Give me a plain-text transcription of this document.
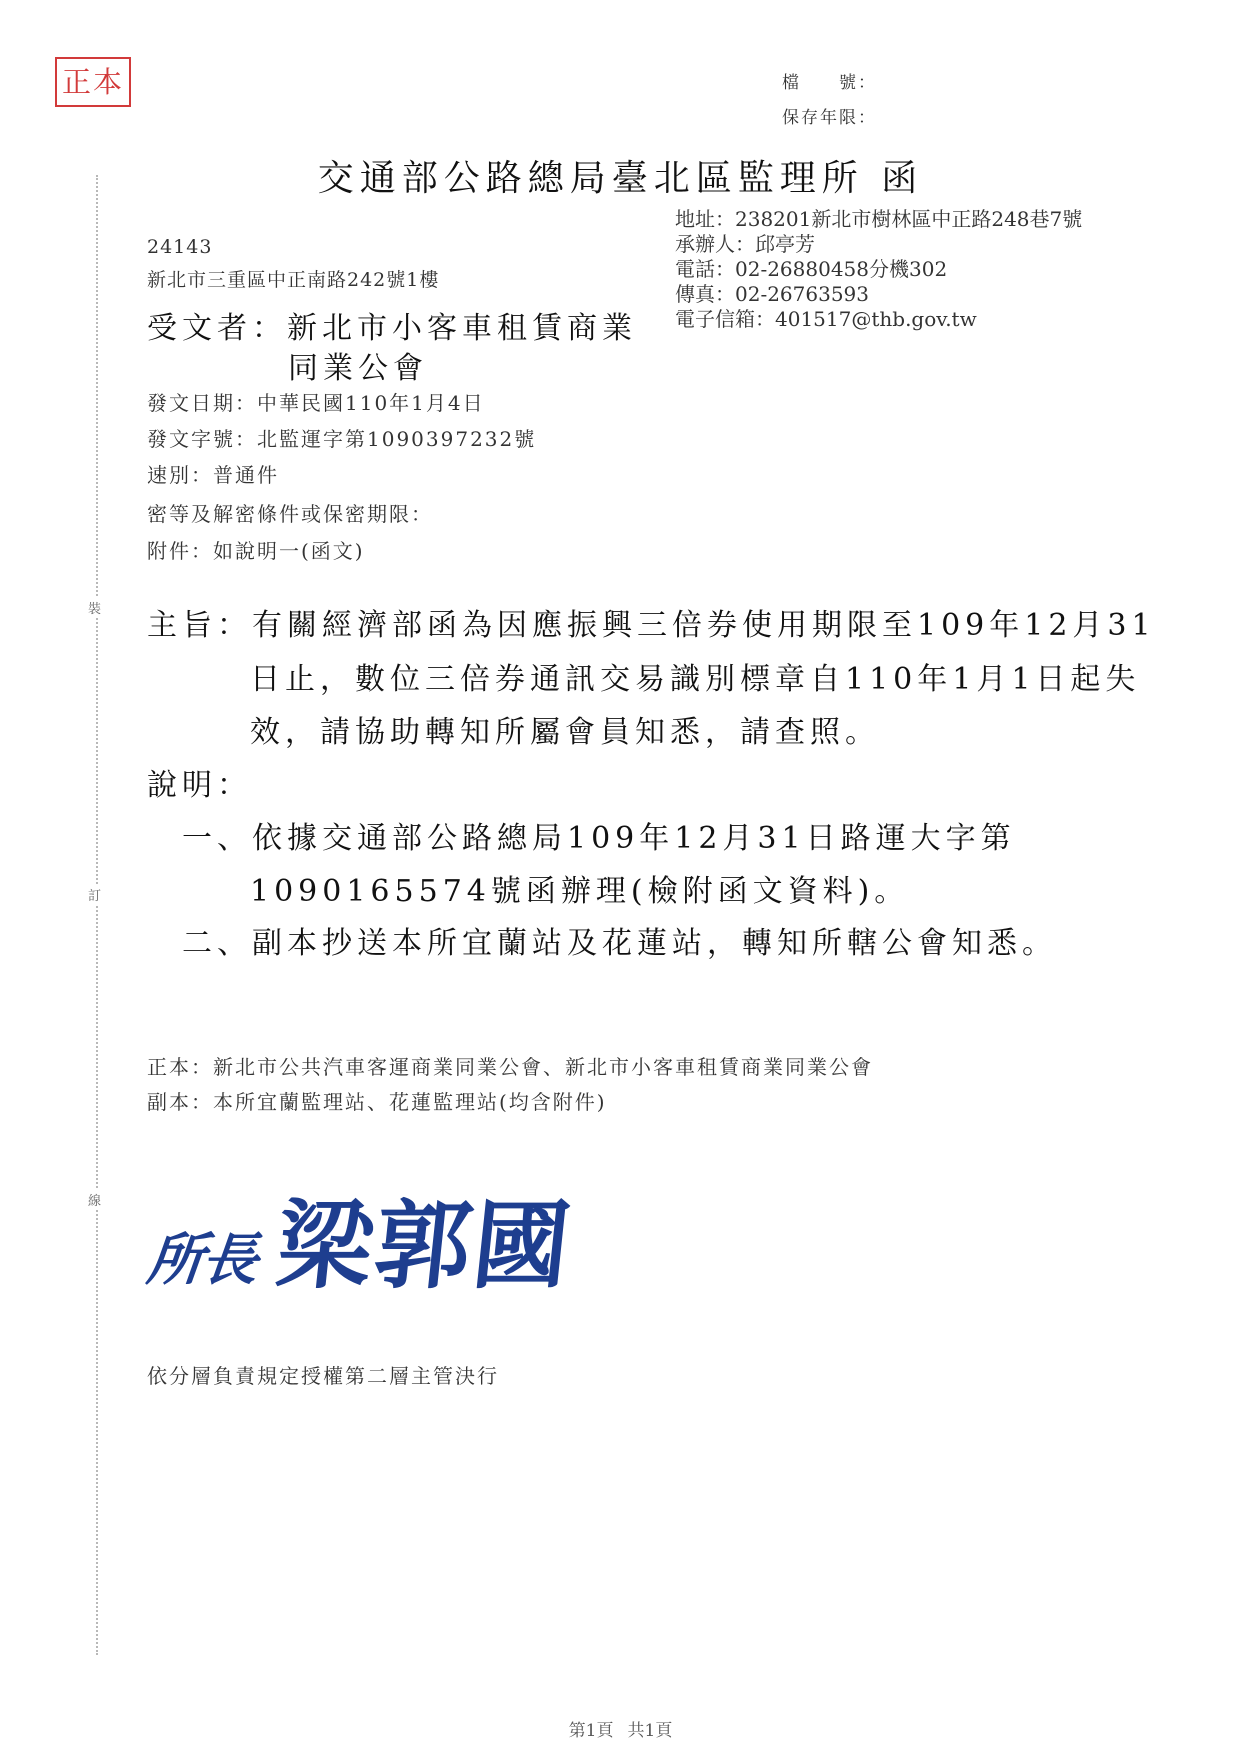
裝
訂
線
正本	檔　　號：
保存年限：
交通部公路總局臺北區監理所 函
地址：238201新北市樹林區中正路248巷7號
承辦人：邱亭芳
電話：02-26880458分機302
傳真：02-26763593
電子信箱：401517@thb.gov.tw
24143
新北市三重區中正南路242號1樓
受文者：新北市小客車租賃商業
同業公會
發文日期：中華民國110年1月4日
發文字號：北監運字第1090397232號
速別：普通件
密等及解密條件或保密期限：
附件：如說明一(函文)
主旨：有關經濟部函為因應振興三倍券使用期限至109年12月31
日止，數位三倍券通訊交易識別標章自110年1月1日起失
效，請協助轉知所屬會員知悉，請查照。
說明：
一、依據交通部公路總局109年12月31日路運大字第
1090165574號函辦理(檢附函文資料)。
二、副本抄送本所宜蘭站及花蓮站，轉知所轄公會知悉。
正本：新北市公共汽車客運商業同業公會、新北市小客車租賃商業同業公會
副本：本所宜蘭監理站、花蓮監理站(均含附件)
所長 梁郭國
依分層負責規定授權第二層主管決行
第1頁 共1頁
